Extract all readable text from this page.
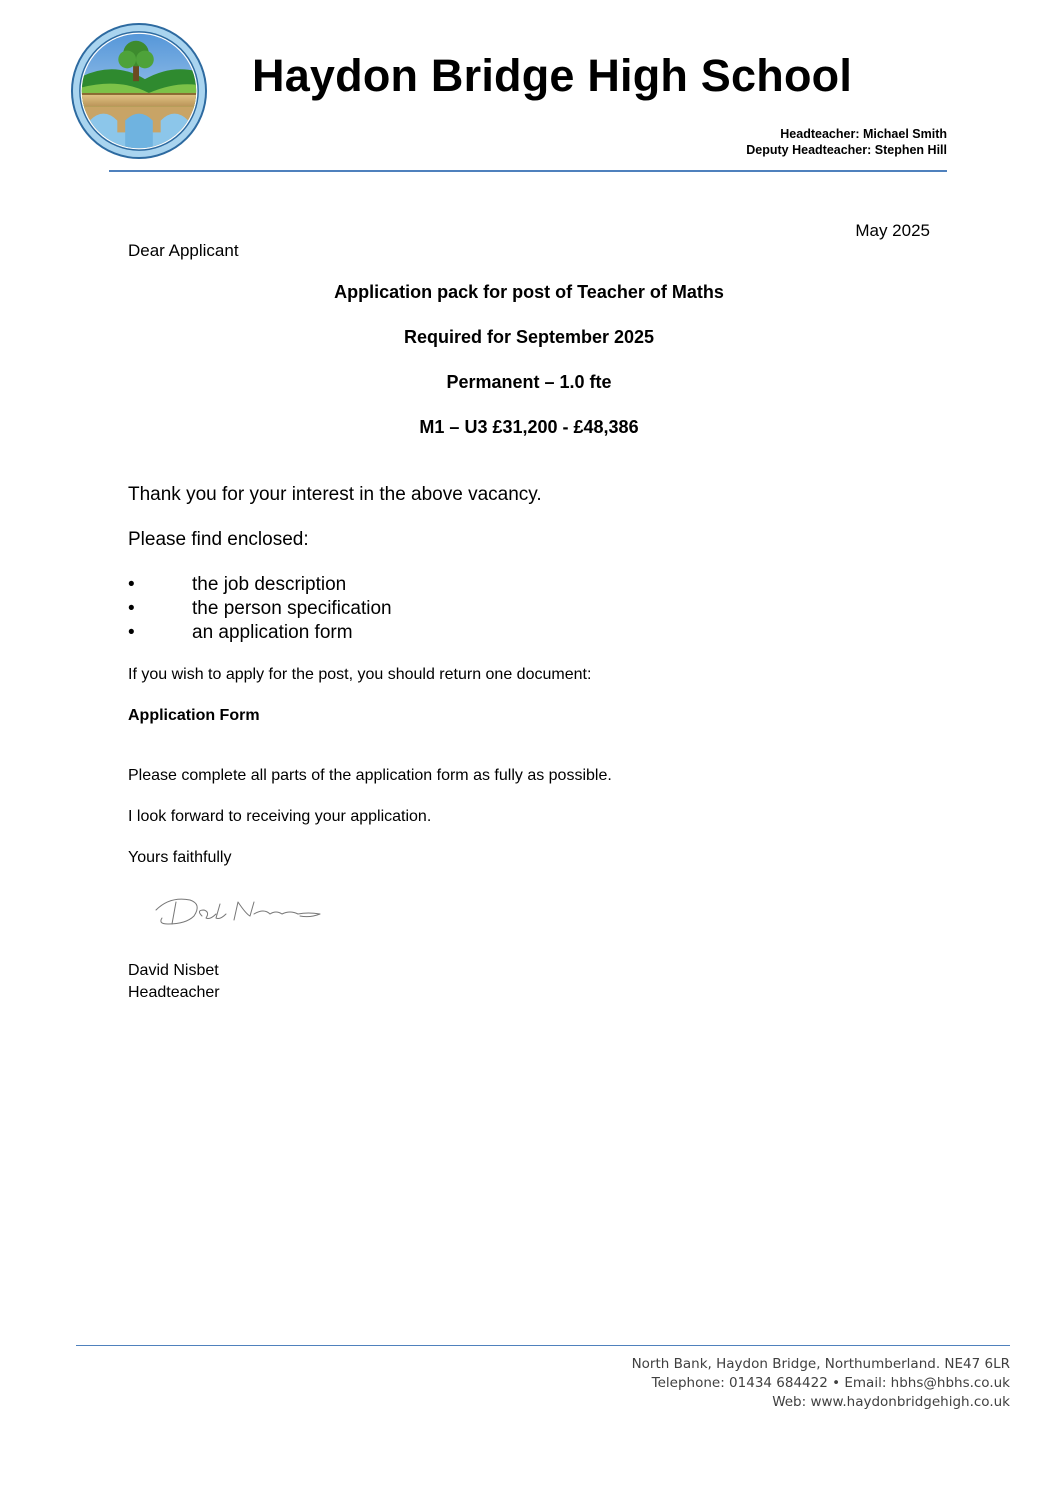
Haydon Bridge High School
Headteacher: Michael Smith
Deputy Headteacher: Stephen Hill
May 2025
Dear Applicant
Application pack for post of Teacher of Maths
Required for September 2025
Permanent – 1.0 fte
M1 – U3 £31,200 - £48,386
Thank you for your interest in the above vacancy.
Please find enclosed:
•	the job description
•	the person specification
•	an application form
If you wish to apply for the post, you should return one document:
Application Form
Please complete all parts of the application form as fully as possible.
I look forward to receiving your application.
Yours faithfully
David Nisbet
Headteacher
North Bank, Haydon Bridge, Northumberland. NE47 6LR
Telephone: 01434 684422 • Email: hbhs@hbhs.co.uk
Web: www.haydonbridgehigh.co.uk
